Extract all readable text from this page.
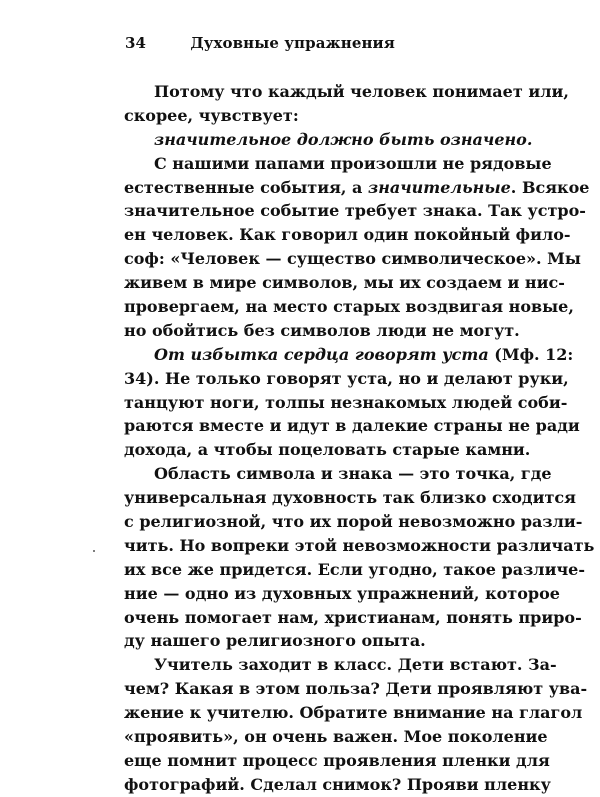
34	Духовные упражнения
Потому что каждый человек понимает или,
скорее, чувствует:
значительное должно быть означено.
С нашими папами произошли не рядовые
естественные события, а значительные. Всякое
значительное событие требует знака. Так устро-
ен человек. Как говорил один покойный фило-
соф: «Человек — существо символическое». Мы
живем в мире символов, мы их создаем и нис-
провергаем, на место старых воздвигая новые,
но обойтись без символов люди не могут.
От избытка сердца говорят уста (Мф. 12:
34). Не только говорят уста, но и делают руки,
танцуют ноги, толпы незнакомых людей соби-
раются вместе и идут в далекие страны не ради
дохода, а чтобы поцеловать старые камни.
Область символа и знака — это точка, где
универсальная духовность так близко сходится
с религиозной, что их порой невозможно разли-
чить. Но вопреки этой невозможности различать
их все же придется. Если угодно, такое различе-
ние — одно из духовных упражнений, которое
очень помогает нам, христианам, понять приро-
ду нашего религиозного опыта.
Учитель заходит в класс. Дети встают. За-
чем? Какая в этом польза? Дети проявляют ува-
жение к учителю. Обратите внимание на глагол
«проявить», он очень важен. Мое поколение
еще помнит процесс проявления пленки для
фотографий. Сделал снимок? Прояви пленку
